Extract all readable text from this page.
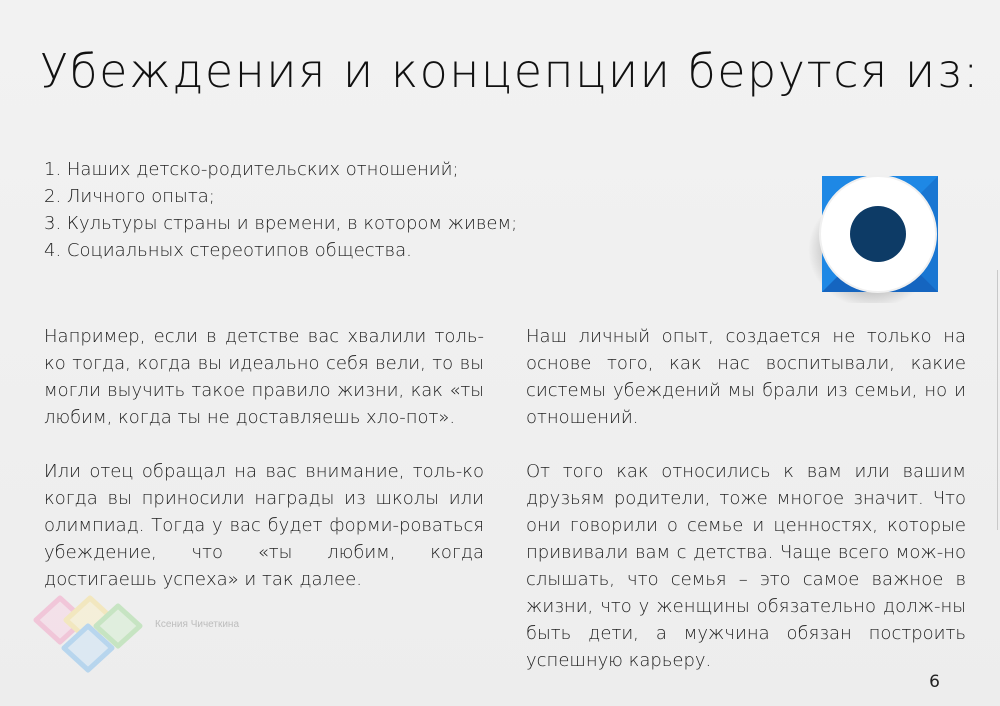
Убеждения и концепции берутся из:
1. Наших детско-родительских отношений;
2. Личного опыта;
3. Культуры страны и времени, в котором живем;
4. Социальных стереотипов общества.

Например, если в детстве вас хвалили толь-ко тогда, когда вы идеально себя вели, то вы могли выучить такое правило жизни, как «ты любим, когда ты не доставляешь хло-пот».

Или отец обращал на вас внимание, толь-ко когда вы приносили награды из школы или олимпиад. Тогда у вас будет форми-роваться убеждение, что «ты любим, когда достигаешь успеха» и так далее.

Наш личный опыт, создается не только на основе того, как нас воспитывали, какие системы убеждений мы брали из семьи, но и отношений.

От того как относились к вам или вашим друзьям родители, тоже многое значит. Что они говорили о семье и ценностях, которые прививали вам с детства. Чаще всего мож-но слышать, что семья – это самое важное в жизни, что у женщины обязательно долж-ны быть дети, а мужчина обязан построить успешную карьеру.

Ксения Чичеткина
6
